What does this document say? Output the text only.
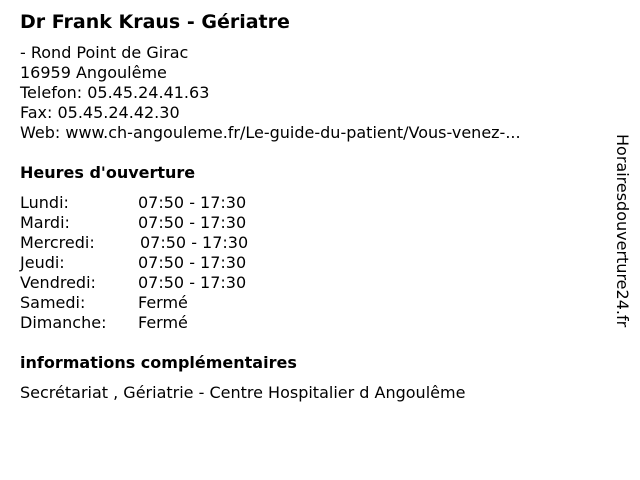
Dr Frank Kraus - Gériatre
- Rond Point de Girac
16959 Angoulême
Telefon: 05.45.24.41.63
Fax: 05.45.24.42.30
Web: www.ch-angouleme.fr/Le-guide-du-patient/Vous-venez-...
Heures d'ouverture
Lundi:	07:50 - 17:30
Mardi:	07:50 - 17:30
Mercredi:	07:50 - 17:30
Jeudi:	07:50 - 17:30
Vendredi:	07:50 - 17:30
Samedi:	Fermé
Dimanche: Fermé
informations complémentaires
Secrétariat , Gériatrie - Centre Hospitalier d Angoulême
Horairesdouverture24.fr
